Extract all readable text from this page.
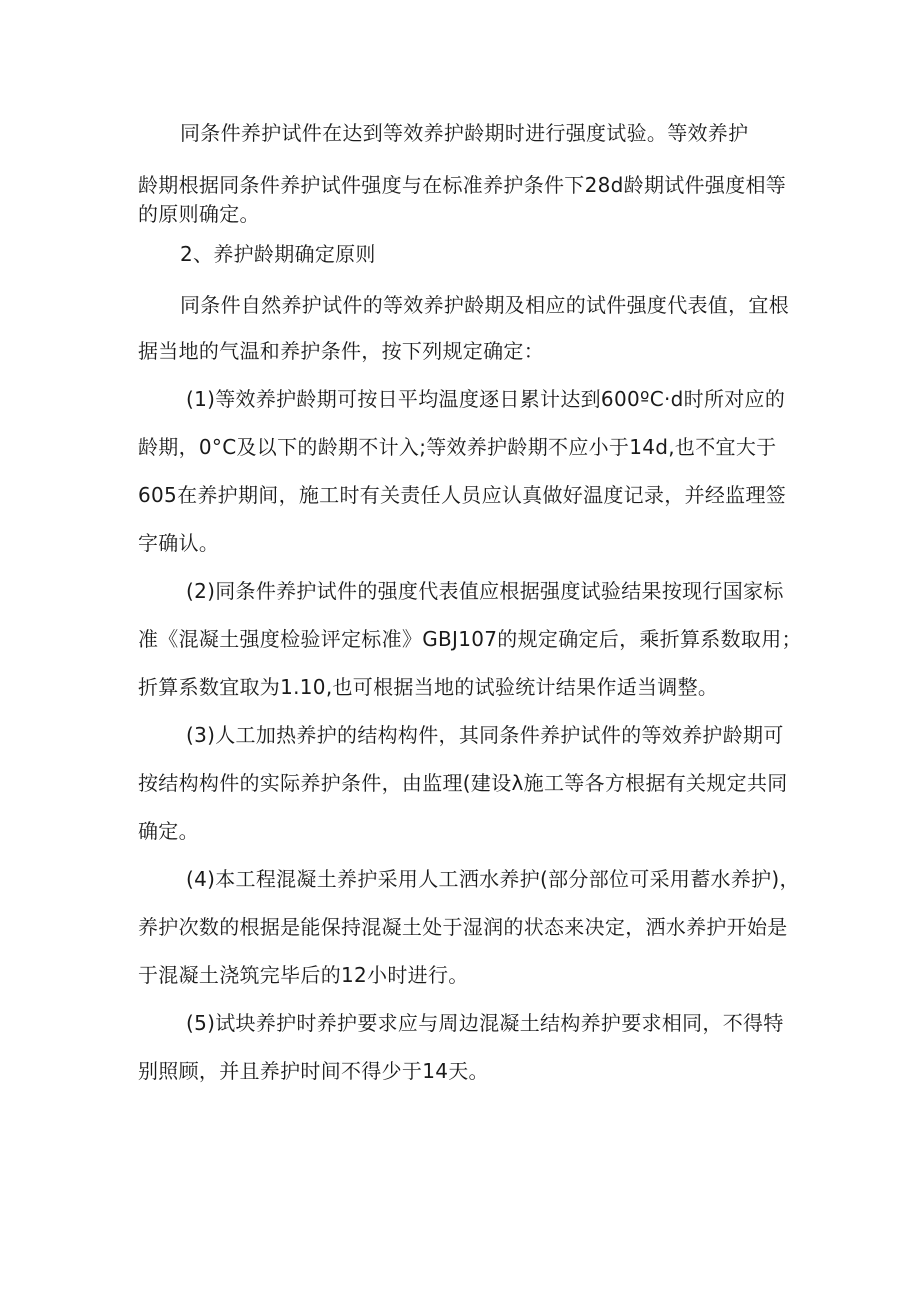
同条件养护试件在达到等效养护龄期时进行强度试验。等效养护
龄期根据同条件养护试件强度与在标准养护条件下28d龄期试件强度相等
的原则确定。
2、养护龄期确定原则
同条件自然养护试件的等效养护龄期及相应的试件强度代表值，宜根
据当地的气温和养护条件，按下列规定确定：
(1)等效养护龄期可按日平均温度逐日累计达到600ºC·d时所对应的
龄期，0°C及以下的龄期不计入;等效养护龄期不应小于14d,也不宜大于
605在养护期间，施工时有关责任人员应认真做好温度记录，并经监理签
字确认。
(2)同条件养护试件的强度代表值应根据强度试验结果按现行国家标
准《混凝土强度检验评定标准》GBJ107的规定确定后，乘折算系数取用；
折算系数宜取为1.10,也可根据当地的试验统计结果作适当调整。
(3)人工加热养护的结构构件，其同条件养护试件的等效养护龄期可
按结构构件的实际养护条件，由监理(建设λ施工等各方根据有关规定共同
确定。
(4)本工程混凝土养护采用人工洒水养护(部分部位可采用蓄水养护)，
养护次数的根据是能保持混凝土处于湿润的状态来决定，洒水养护开始是
于混凝土浇筑完毕后的12小时进行。
(5)试块养护时养护要求应与周边混凝土结构养护要求相同，不得特
别照顾，并且养护时间不得少于14天。
